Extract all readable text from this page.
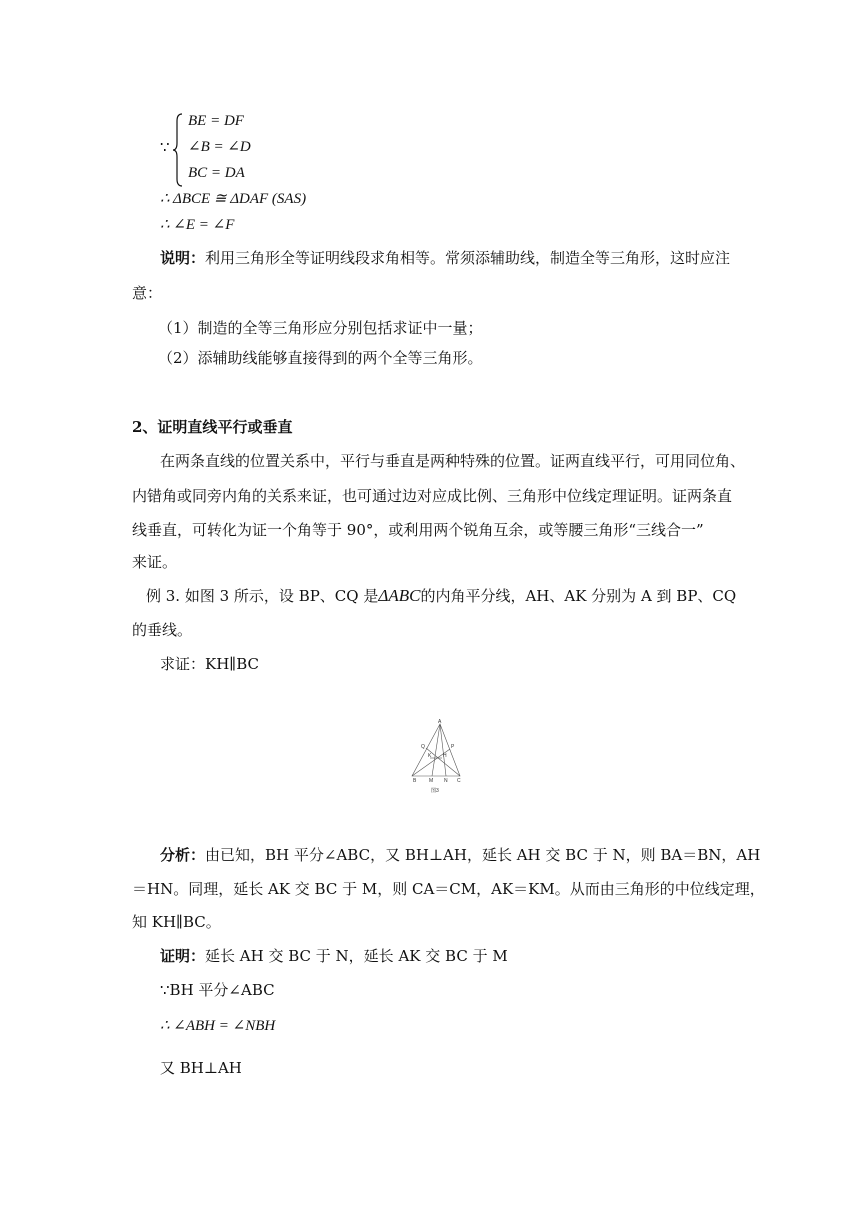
∵
BE = DF
∠B = ∠D
BC = DA
∴ ΔBCE ≅ ΔDAF (SAS)
∴ ∠E = ∠F
说明：利用三角形全等证明线段求角相等。常须添辅助线，制造全等三角形，这时应注
意：
（1）制造的全等三角形应分别包括求证中一量；
（2）添辅助线能够直接得到的两个全等三角形。
2、证明直线平行或垂直
在两条直线的位置关系中，平行与垂直是两种特殊的位置。证两直线平行，可用同位角、
内错角或同旁内角的关系来证，也可通过边对应成比例、三角形中位线定理证明。证两条直
线垂直，可转化为证一个角等于 90°，或利用两个锐角互余，或等腰三角形“三线合一”
来证。
例 3. 如图 3 所示，设 BP、CQ 是ΔABC的内角平分线，AH、AK 分别为 A 到 BP、CQ
的垂线。
求证：KH∥BC
A
Q	P
K H
B	M N C
图3
分析：由已知，BH 平分∠ABC，又 BH⊥AH，延长 AH 交 BC 于 N，则 BA＝BN，AH
＝HN。同理，延长 AK 交 BC 于 M，则 CA＝CM，AK＝KM。从而由三角形的中位线定理，
知 KH∥BC。
证明：延长 AH 交 BC 于 N，延长 AK 交 BC 于 M
∵BH 平分∠ABC
∴ ∠ABH = ∠NBH
又 BH⊥AH
